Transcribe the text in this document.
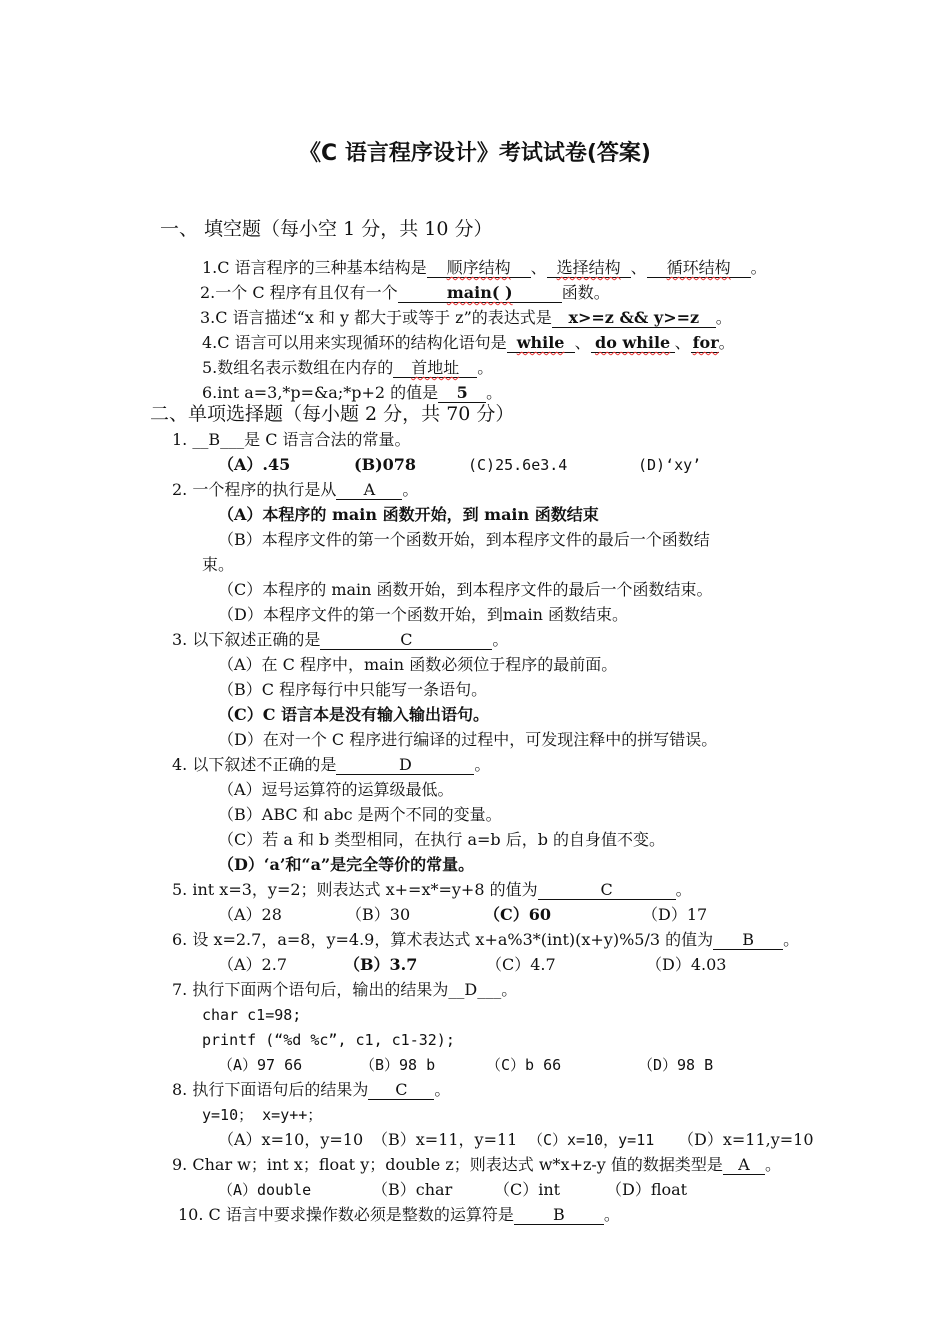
《C 语言程序设计》考试试卷(答案)
一、 填空题（每小空 1 分，共 10 分）
1.C 语言程序的三种基本结构是 顺序结构 、 选择结构 、 循环结构 。
2.一个 C 程序有且仅有一个	main( )	函数。
3.C 语言描述“x 和 y 都大于或等于 z”的表达式是 x>=z && y>=z 。
4.C 语言可以用来实现循环的结构化语句是 while 、 do while 、 for。
5.数组名表示数组在内存的 首地址 。
6.int a=3,*p=&a;*p+2 的值是 5 。
二、单项选择题（每小题 2 分，共 70 分）
1. __B___是 C 语言合法的常量。
（A）.45	(B)078	(C)25.6e3.4	(D)‘xy’
2. 一个程序的执行是从 A 。
（A）本程序的 main 函数开始，到 main 函数结束
（B）本程序文件的第一个函数开始，到本程序文件的最后一个函数结
束。
（C）本程序的 main 函数开始，到本程序文件的最后一个函数结束。
（D）本程序文件的第一个函数开始，到main 函数结束。
3. 以下叙述正确的是	C	。
（A）在 C 程序中，main 函数必须位于程序的最前面。
（B）C 程序每行中只能写一条语句。
（C）C 语言本是没有输入输出语句。
（D）在对一个 C 程序进行编译的过程中，可发现注释中的拼写错误。
4. 以下叙述不正确的是	D	。
（A）逗号运算符的运算级最低。
（B）ABC 和 abc 是两个不同的变量。
（C）若 a 和 b 类型相同，在执行 a=b 后，b 的自身值不变。
（D）‘a’和“a”是完全等价的常量。
5. int x=3，y=2；则表达式 x+=x*=y+8 的值为	C	。
（A）28	（B）30	（C）60	（D）17
6. 设 x=2.7，a=8，y=4.9，算术表达式 x+a%3*(int)(x+y)%5/3 的值为 B 。
（A）2.7	（B）3.7	（C）4.7	（D）4.03
7. 执行下面两个语句后，输出的结果为__D___。
char c1=98;
printf (“%d %c”, c1, c1-32);
（A）97 66	（B）98 b	（C）b 66	（D）98 B
8. 执行下面语句后的结果为 C 。
y=10； x=y++；
（A）x=10，y=10 （B）x=11，y=11 （C）x=10，y=11 （D）x=11,y=10
9. Char w；int x；float y；double z；则表达式 w*x+z-y 值的数据类型是 A 。
（A）double	（B）char	（C）int	（D）float
10. C 语言中要求操作数必须是整数的运算符是 B 。
